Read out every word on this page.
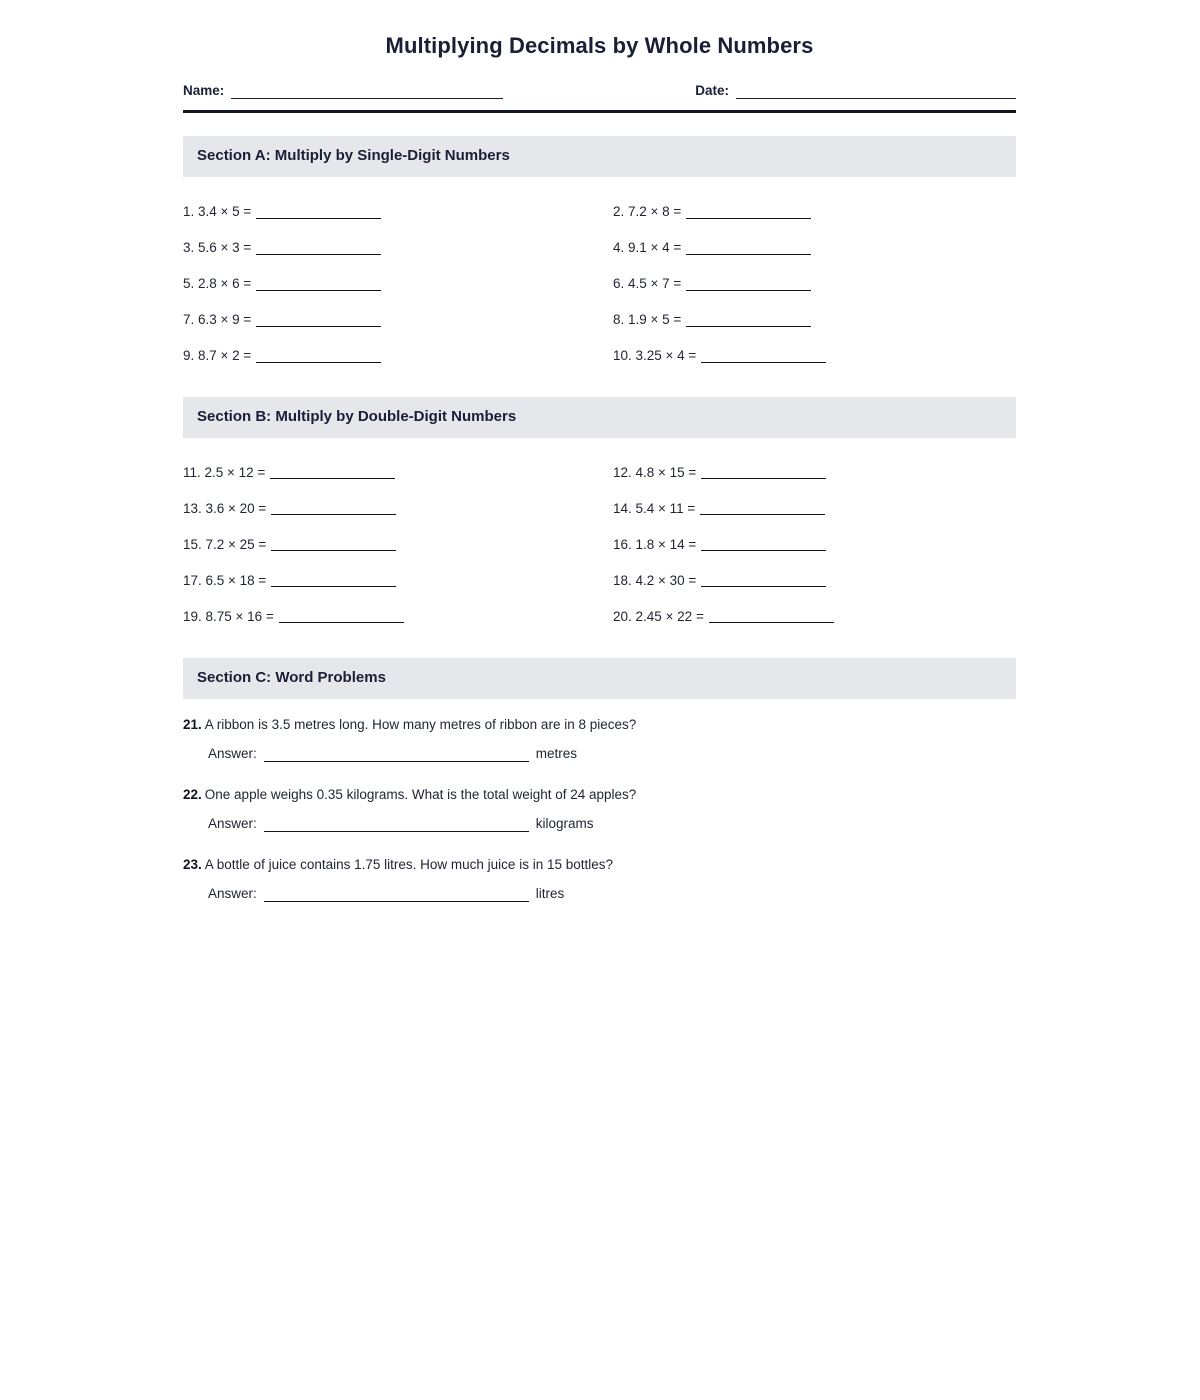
Multiplying Decimals by Whole Numbers
Name:	Date:
Section A: Multiply by Single-Digit Numbers
1. 3.4 × 5 =	2. 7.2 × 8 =
3. 5.6 × 3 =	4. 9.1 × 4 =
5. 2.8 × 6 =	6. 4.5 × 7 =
7. 6.3 × 9 =	8. 1.9 × 5 =
9. 8.7 × 2 =	10. 3.25 × 4 =
Section B: Multiply by Double-Digit Numbers
11. 2.5 × 12 =	12. 4.8 × 15 =
13. 3.6 × 20 =	14. 5.4 × 11 =
15. 7.2 × 25 =	16. 1.8 × 14 =
17. 6.5 × 18 =	18. 4.2 × 30 =
19. 8.75 × 16 =	20. 2.45 × 22 =
Section C: Word Problems
21. A ribbon is 3.5 metres long. How many metres of ribbon are in 8 pieces?
Answer:	metres
22. One apple weighs 0.35 kilograms. What is the total weight of 24 apples?
Answer:	kilograms
23. A bottle of juice contains 1.75 litres. How much juice is in 15 bottles?
Answer:	litres
